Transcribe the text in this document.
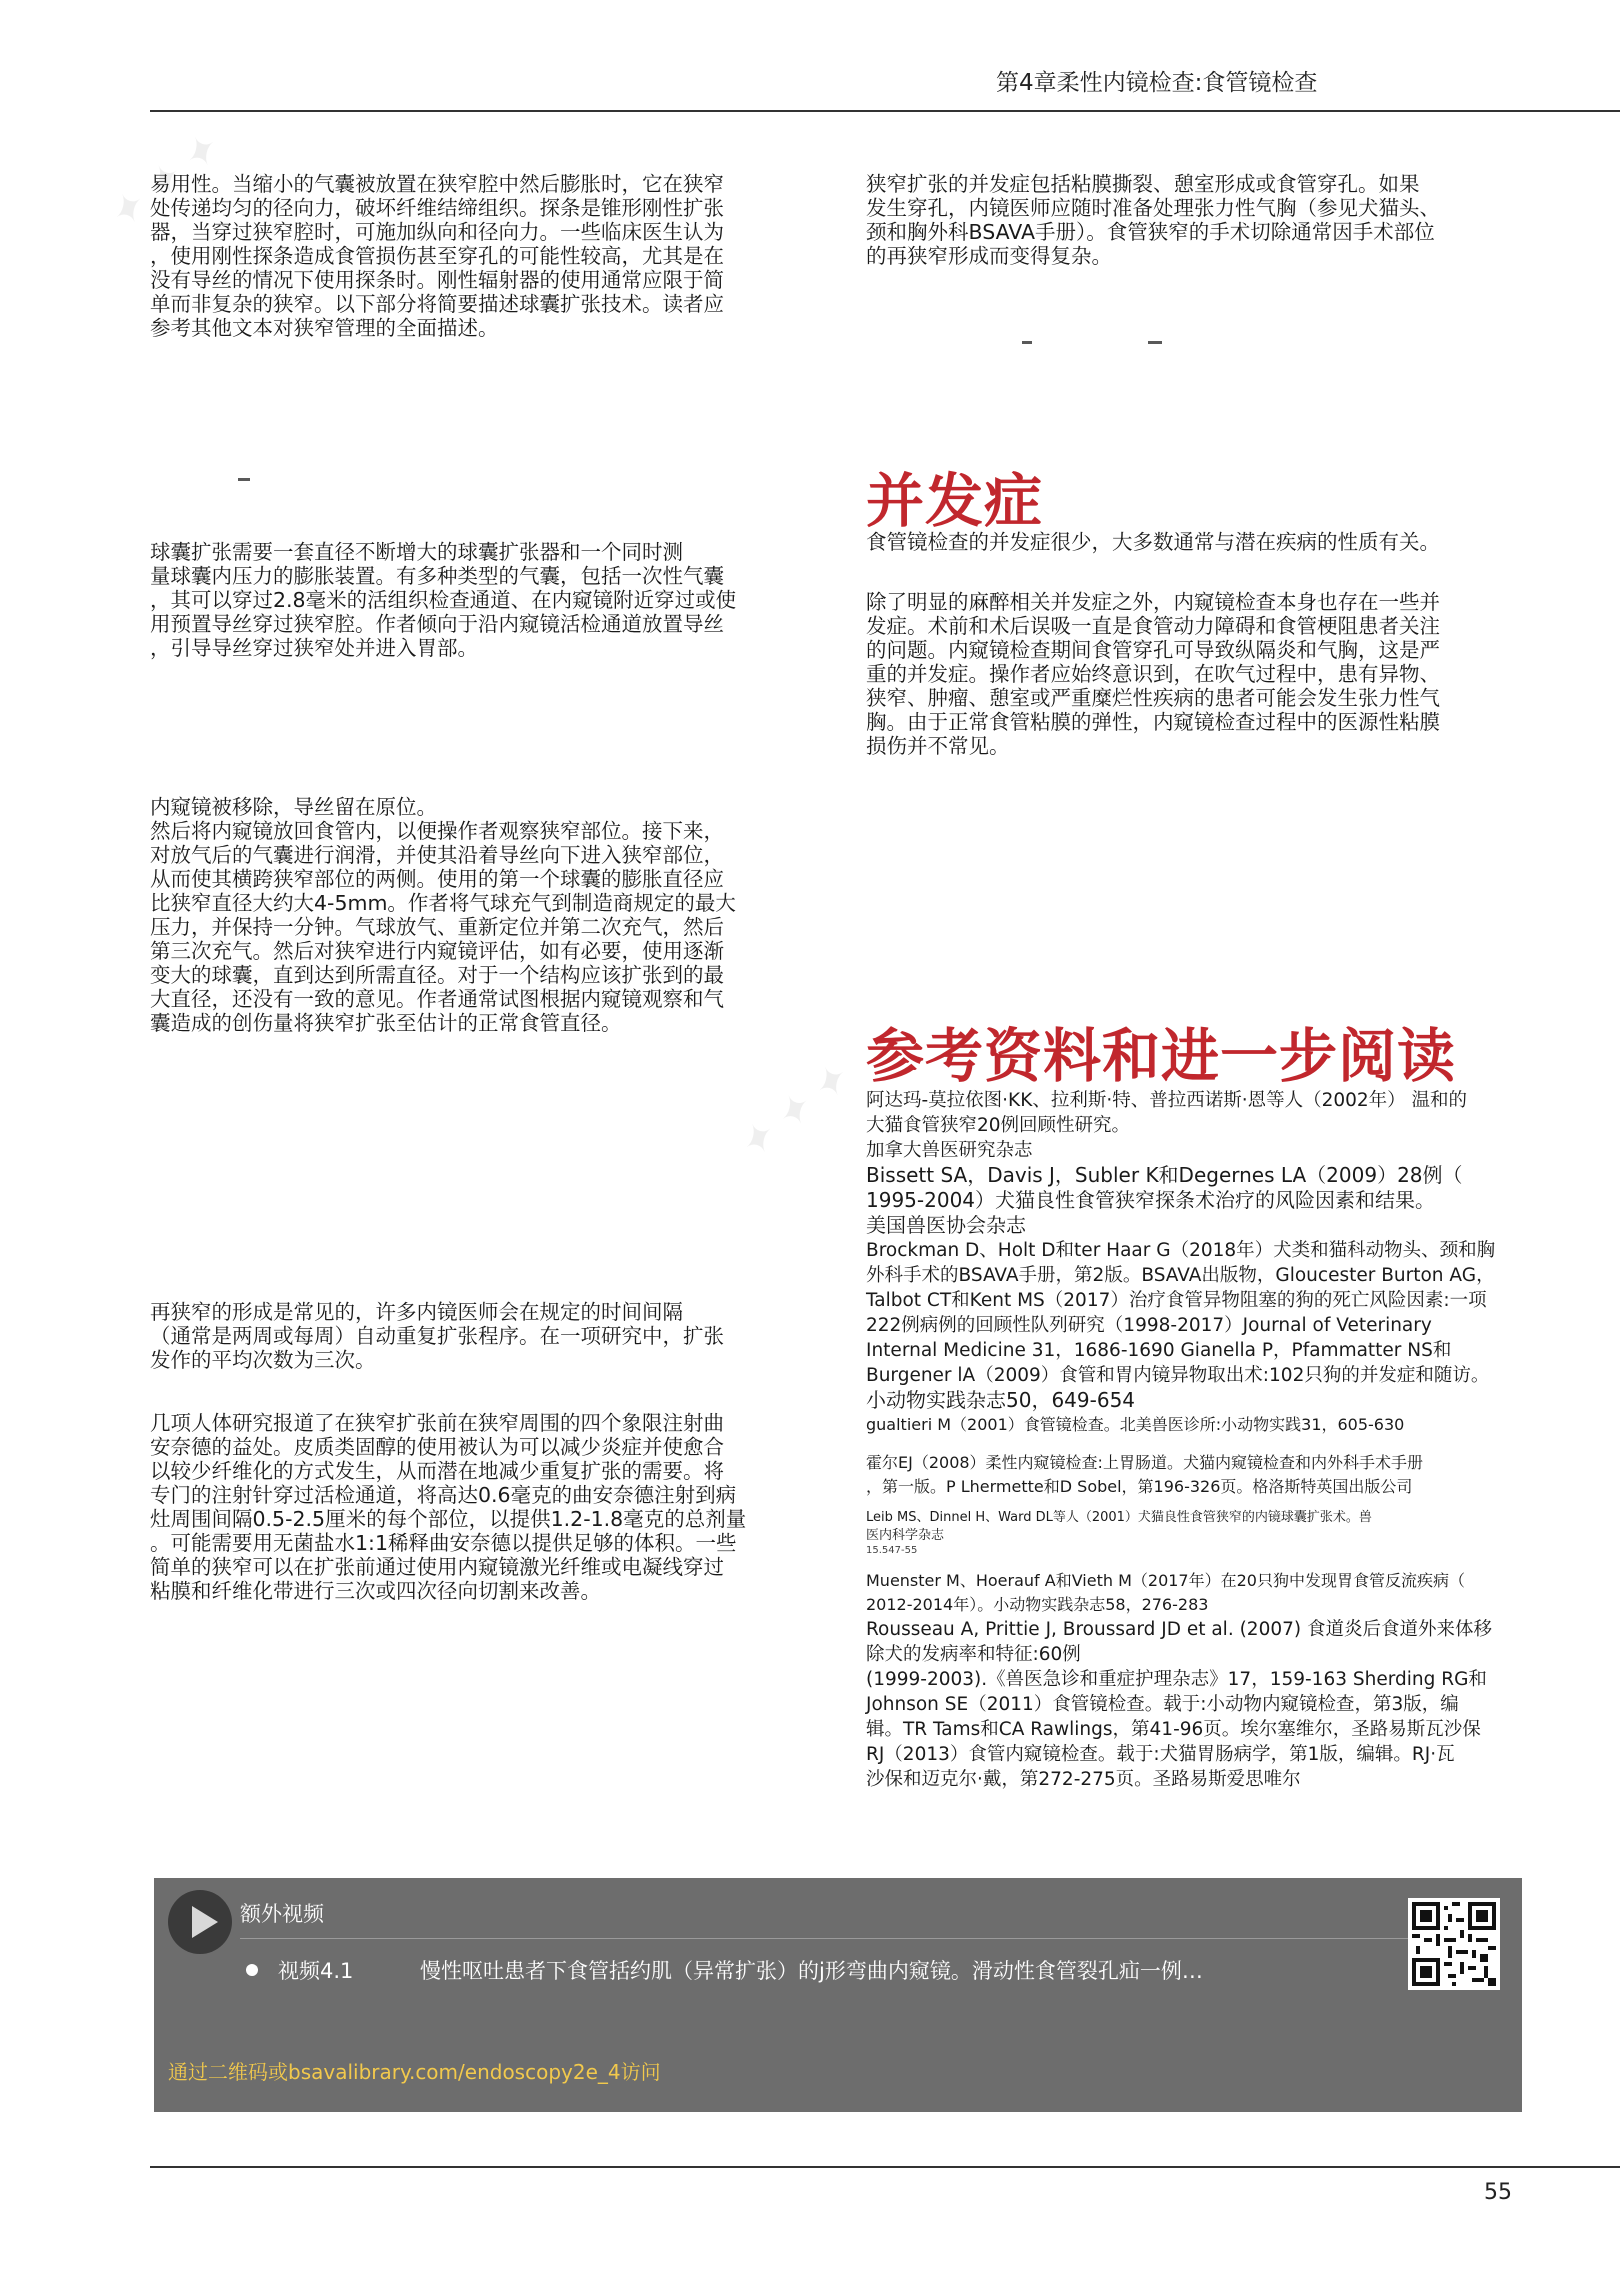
第4章柔性内镜检查:食管镜检查
✦ ✦ ✦
✦ ✦ ✦

易用性。当缩小的气囊被放置在狭窄腔中然后膨胀时，它在狭窄
处传递均匀的径向力，破坏纤维结缔组织。探条是锥形刚性扩张
器，当穿过狭窄腔时，可施加纵向和径向力。一些临床医生认为
，使用刚性探条造成食管损伤甚至穿孔的可能性较高，尤其是在
没有导丝的情况下使用探条时。刚性辐射器的使用通常应限于简
单而非复杂的狭窄。以下部分将简要描述球囊扩张技术。读者应
参考其他文本对狭窄管理的全面描述。

球囊扩张需要一套直径不断增大的球囊扩张器和一个同时测
量球囊内压力的膨胀装置。有多种类型的气囊，包括一次性气囊
，其可以穿过2.8毫米的活组织检查通道、在内窥镜附近穿过或使
用预置导丝穿过狭窄腔。作者倾向于沿内窥镜活检通道放置导丝
，引导导丝穿过狭窄处并进入胃部。

内窥镜被移除，导丝留在原位。
然后将内窥镜放回食管内，以便操作者观察狭窄部位。接下来，
对放气后的气囊进行润滑，并使其沿着导丝向下进入狭窄部位，
从而使其横跨狭窄部位的两侧。使用的第一个球囊的膨胀直径应
比狭窄直径大约大4-5mm。作者将气球充气到制造商规定的最大
压力，并保持一分钟。气球放气、重新定位并第二次充气，然后
第三次充气。然后对狭窄进行内窥镜评估，如有必要，使用逐渐
变大的球囊，直到达到所需直径。对于一个结构应该扩张到的最
大直径，还没有一致的意见。作者通常试图根据内窥镜观察和气
囊造成的创伤量将狭窄扩张至估计的正常食管直径。

再狭窄的形成是常见的，许多内镜医师会在规定的时间间隔
（通常是两周或每周）自动重复扩张程序。在一项研究中，扩张
发作的平均次数为三次。

几项人体研究报道了在狭窄扩张前在狭窄周围的四个象限注射曲
安奈德的益处。皮质类固醇的使用被认为可以减少炎症并使愈合
以较少纤维化的方式发生，从而潜在地减少重复扩张的需要。将
专门的注射针穿过活检通道，将高达0.6毫克的曲安奈德注射到病
灶周围间隔0.5-2.5厘米的每个部位，以提供1.2-1.8毫克的总剂量
。可能需要用无菌盐水1:1稀释曲安奈德以提供足够的体积。一些
简单的狭窄可以在扩张前通过使用内窥镜激光纤维或电凝线穿过
粘膜和纤维化带进行三次或四次径向切割来改善。

狭窄扩张的并发症包括粘膜撕裂、憩室形成或食管穿孔。如果
发生穿孔，内镜医师应随时准备处理张力性气胸（参见犬猫头、
颈和胸外科BSAVA手册）。食管狭窄的手术切除通常因手术部位
的再狭窄形成而变得复杂。

并发症

食管镜检查的并发症很少，大多数通常与潜在疾病的性质有关。

除了明显的麻醉相关并发症之外，内窥镜检查本身也存在一些并
发症。术前和术后误吸一直是食管动力障碍和食管梗阻患者关注
的问题。内窥镜检查期间食管穿孔可导致纵隔炎和气胸，这是严
重的并发症。操作者应始终意识到，在吹气过程中，患有异物、
狭窄、肿瘤、憩室或严重糜烂性疾病的患者可能会发生张力性气
胸。由于正常食管粘膜的弹性，内窥镜检查过程中的医源性粘膜
损伤并不常见。

参考资料和进一步阅读

阿达玛-莫拉依图·KK、拉利斯·特、普拉西诺斯·恩等人（2002年） 温和的
大猫食管狭窄20例回顾性研究。

加拿大兽医研究杂志

Bissett SA，Davis J，Subler K和Degernes LA（2009）28例（
1995-2004）犬猫良性食管狭窄探条术治疗的风险因素和结果。
美国兽医协会杂志

Brockman D、Holt D和ter Haar G（2018年）犬类和猫科动物头、颈和胸
外科手术的BSAVA手册，第2版。BSAVA出版物，Gloucester Burton AG，
Talbot CT和Kent MS（2017）治疗食管异物阻塞的狗的死亡风险因素:一项
222例病例的回顾性队列研究（1998-2017）Journal of Veterinary
Internal Medicine 31，1686-1690 Gianella P，Pfammatter NS和
Burgener lA（2009）食管和胃内镜异物取出术:102只狗的并发症和随访。

小动物实践杂志50，649-654

gualtieri M（2001）食管镜检查。北美兽医诊所:小动物实践31，605-630

霍尔EJ（2008）柔性内窥镜检查:上胃肠道。犬猫内窥镜检查和内外科手术手册
，第一版。P Lhermette和D Sobel，第196-326页。格洛斯特英国出版公司

Leib MS、Dinnel H、Ward DL等人（2001）犬猫良性食管狭窄的内镜球囊扩张术。兽
医内科学杂志

15.547-55

Muenster M、Hoerauf A和Vieth M（2017年）在20只狗中发现胃食管反流疾病（
2012-2014年）。小动物实践杂志58，276-283

Rousseau A, Prittie J, Broussard JD et al. (2007) 食道炎后食道外来体移
除犬的发病率和特征:60例
(1999-2003).《兽医急诊和重症护理杂志》17，159-163 Sherding RG和
Johnson SE（2011）食管镜检查。载于:小动物内窥镜检查，第3版，编
辑。TR Tams和CA Rawlings，第41-96页。埃尔塞维尔，圣路易斯瓦沙保
RJ（2013）食管内窥镜检查。载于:犬猫胃肠病学，第1版，编辑。RJ·瓦
沙保和迈克尔·戴，第272-275页。圣路易斯爱思唯尔

额外视频
视频4.1	慢性呕吐患者下食管括约肌（异常扩张）的j形弯曲内窥镜。滑动性食管裂孔疝一例…
通过二维码或bsavalibrary.com/endoscopy2e_4访问
55
